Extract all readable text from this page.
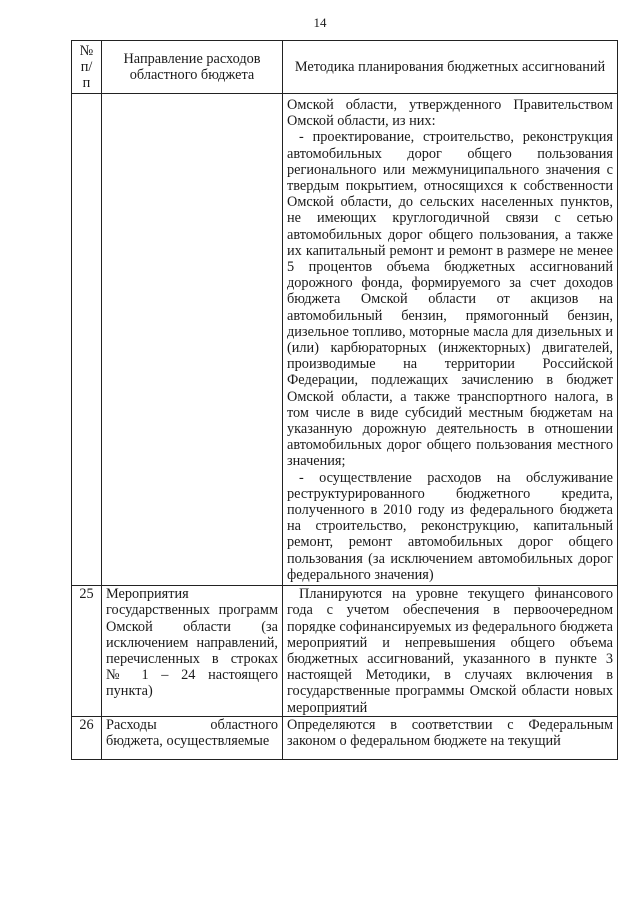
14
№ п/п	Направление расходов областного бюджета	Методика планирования бюджетных ассигнований

		Омской области, утвержденного Правительством Омской области, из них:
- проектирование, строительство, реконструкция автомобильных дорог общего пользования регионального или межмуниципального значения с твердым покрытием, относящихся к собственности Омской области, до сельских населенных пунктов, не имеющих круглогодичной связи с сетью автомобильных дорог общего пользования, а также их капитальный ремонт и ремонт в размере не менее 5 процентов объема бюджетных ассигнований дорожного фонда, формируемого за счет доходов бюджета Омской области от акцизов на автомобильный бензин, прямогонный бензин, дизельное топливо, моторные масла для дизельных и (или) карбюраторных (инжекторных) двигателей, производимые на территории Российской Федерации, подлежащих зачислению в бюджет Омской области, а также транспортного налога, в том числе в виде субсидий местным бюджетам на указанную дорожную деятельность в отношении автомобильных дорог общего пользования местного значения;
- осуществление расходов на обслуживание реструктурированного бюджетного кредита, полученного в 2010 году из федерального бюджета на строительство, реконструкцию, капитальный ремонт, ремонт автомобильных дорог общего пользования (за исключением автомобильных дорог федерального значения)

25	Мероприятия государственных программ Омской области (за исключением направлений, перечисленных в строках № 1 – 24 настоящего пункта)	Планируются на уровне текущего финансового года с учетом обеспечения в первоочередном порядке софинансируемых из федерального бюджета мероприятий и непревышения общего объема бюджетных ассигнований, указанного в пункте 3 настоящей Методики, в случаях включения в государственные программы Омской области новых мероприятий

26	Расходы областного бюджета, осуществляемые	Определяются в соответствии с Федеральным законом о федеральном бюджете на текущий
